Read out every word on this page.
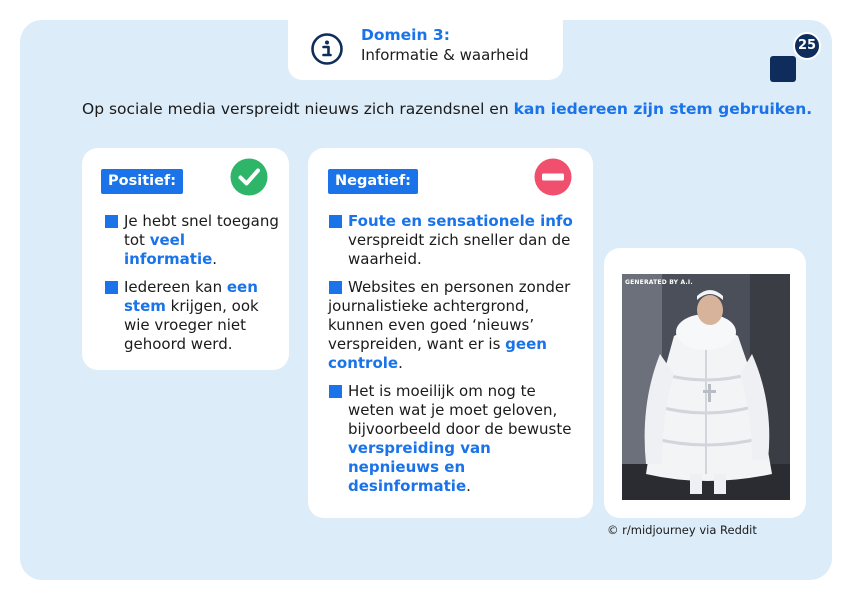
Domein 3:
Informatie & waarheid
25
Op sociale media verspreidt nieuws zich razendsnel en kan iedereen zijn stem gebruiken.
Positief:
Je hebt snel toegang tot veel informatie.
Iedereen kan een stem krijgen, ook wie vroeger niet gehoord werd.
Negatief:
Foute en sensationele info verspreidt zich sneller dan de waarheid.
Websites en personen zonder journalistieke achtergrond, kunnen even goed ‘nieuws’ verspreiden, want er is geen controle.
Het is moeilijk om nog te weten wat je moet geloven, bijvoorbeeld door de bewuste verspreiding van nepnieuws en desinformatie.
GENERATED BY A.I.
© r/midjourney via Reddit
